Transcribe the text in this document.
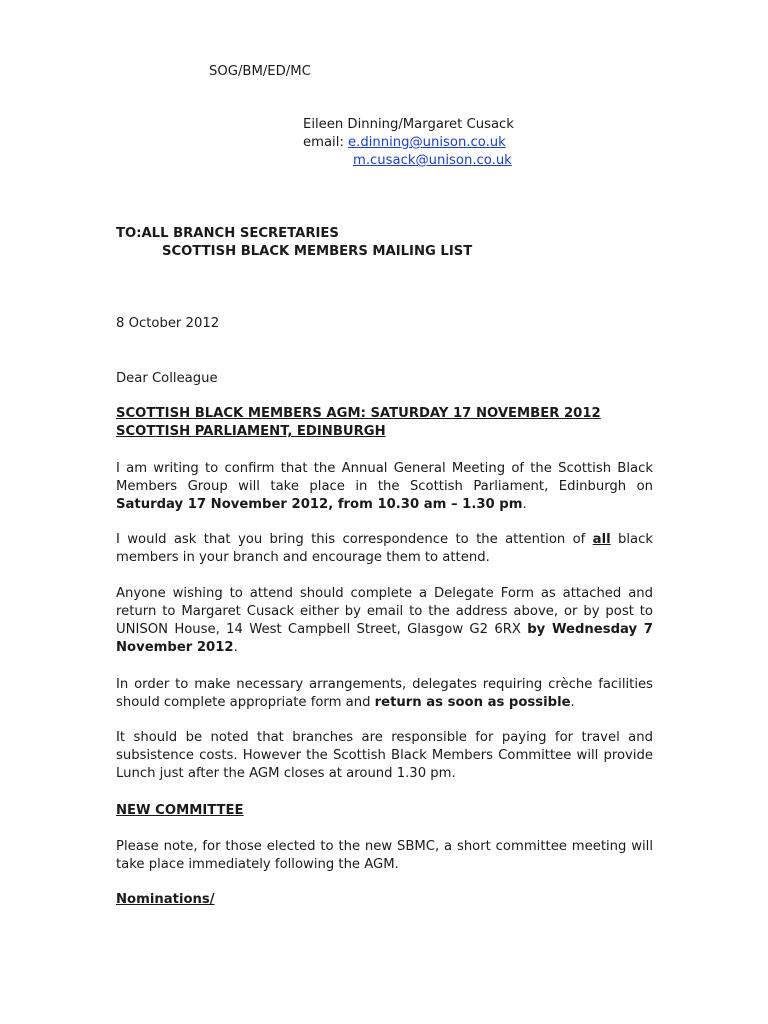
SOG/BM/ED/MC
Eileen Dinning/Margaret Cusack
email: e.dinning@unison.co.uk
m.cusack@unison.co.uk
TO:ALL BRANCH SECRETARIES
SCOTTISH BLACK MEMBERS MAILING LIST
8 October 2012
Dear Colleague
SCOTTISH BLACK MEMBERS AGM: SATURDAY 17 NOVEMBER 2012
SCOTTISH PARLIAMENT, EDINBURGH

I am writing to confirm that the Annual General Meeting of the Scottish Black Members Group will take place in the Scottish Parliament, Edinburgh on Saturday 17 November 2012, from 10.30 am – 1.30 pm.

I would ask that you bring this correspondence to the attention of all black members in your branch and encourage them to attend.

Anyone wishing to attend should complete a Delegate Form as attached and return to Margaret Cusack either by email to the address above, or by post to UNISON House, 14 West Campbell Street, Glasgow G2 6RX by Wednesday 7 November 2012.

In order to make necessary arrangements, delegates requiring crèche facilities should complete appropriate form and return as soon as possible.

It should be noted that branches are responsible for paying for travel and subsistence costs. However the Scottish Black Members Committee will provide Lunch just after the AGM closes at around 1.30 pm.

NEW COMMITTEE

Please note, for those elected to the new SBMC, a short committee meeting will take place immediately following the AGM.

Nominations/
